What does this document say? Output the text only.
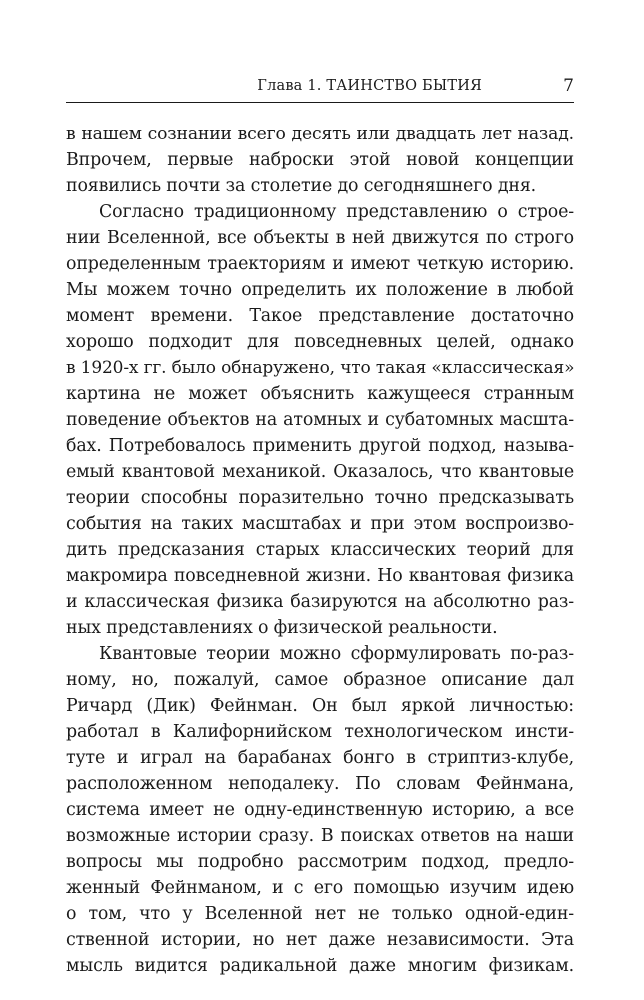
Глава 1. ТАИНСТВО БЫТИЯ	7
в нашем сознании всего десять или двадцать лет назад.
Впрочем, первые наброски этой новой концепции
появились почти за столетие до сегодняшнего дня.
Согласно традиционному представлению о строе-
нии Вселенной, все объекты в ней движутся по строго
определенным траекториям и имеют четкую историю.
Мы можем точно определить их положение в любой
момент времени. Такое представление достаточно
хорошо подходит для повседневных целей, однако
в 1920-х гг. было обнаружено, что такая «классическая»
картина не может объяснить кажущееся странным
поведение объектов на атомных и субатомных масшта-
бах. Потребовалось применить другой подход, называ-
емый квантовой механикой. Оказалось, что квантовые
теории способны поразительно точно предсказывать
события на таких масштабах и при этом воспроизво-
дить предсказания старых классических теорий для
макромира повседневной жизни. Но квантовая физика
и классическая физика базируются на абсолютно раз-
ных представлениях о физической реальности.
Квантовые теории можно сформулировать по-раз-
ному, но, пожалуй, самое образное описание дал
Ричард (Дик) Фейнман. Он был яркой личностью:
работал в Калифорнийском технологическом инсти-
туте и играл на барабанах бонго в стриптиз-клубе,
расположенном неподалеку. По словам Фейнмана,
система имеет не одну-единственную историю, а все
возможные истории сразу. В поисках ответов на наши
вопросы мы подробно рассмотрим подход, предло-
женный Фейнманом, и с его помощью изучим идею
о том, что у Вселенной нет не только одной-един-
ственной истории, но нет даже независимости. Эта
мысль видится радикальной даже многим физикам.
